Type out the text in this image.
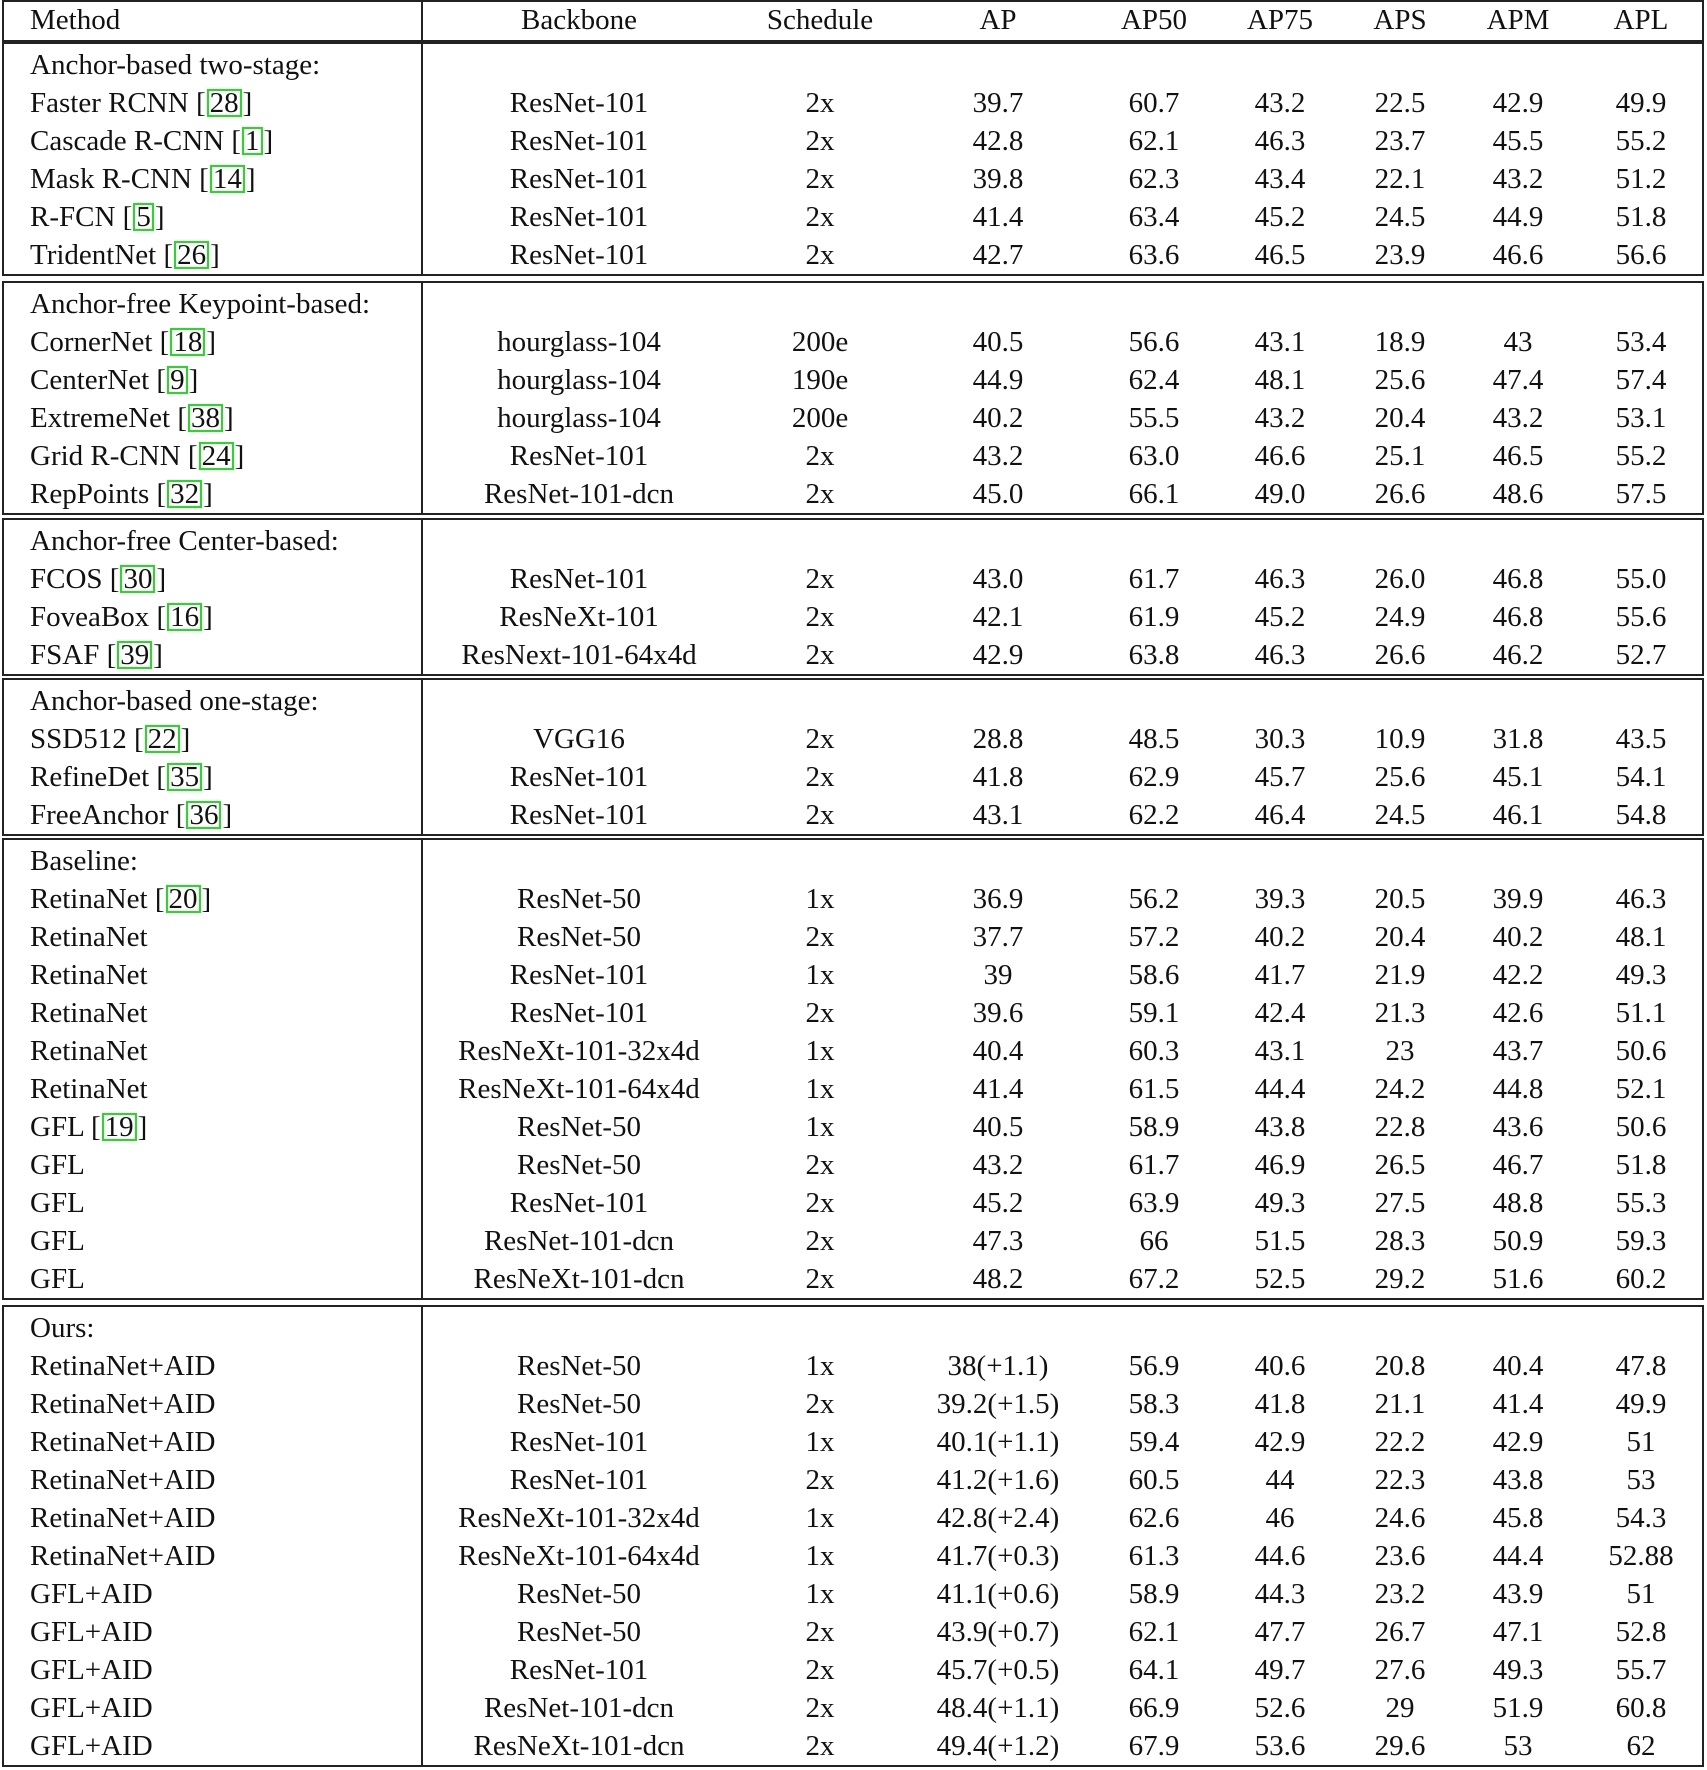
Method	Backbone	Schedule	AP	AP50	AP75	APS	APM	APL
Anchor-based two-stage:
Faster RCNN [ 28 ]	ResNet-101	2x	39.7	60.7	43.2	22.5	42.9	49.9
Cascade R-CNN [ 1 ]	ResNet-101	2x	42.8	62.1	46.3	23.7	45.5	55.2
Mask R-CNN [ 14 ]	ResNet-101	2x	39.8	62.3	43.4	22.1	43.2	51.2
R-FCN [ 5 ]	ResNet-101	2x	41.4	63.4	45.2	24.5	44.9	51.8
TridentNet [ 26 ]	ResNet-101	2x	42.7	63.6	46.5	23.9	46.6	56.6
Anchor-free Keypoint-based:
CornerNet [ 18 ]	hourglass-104	200e	40.5	56.6	43.1	18.9	43	53.4
CenterNet [ 9 ]	hourglass-104	190e	44.9	62.4	48.1	25.6	47.4	57.4
ExtremeNet [ 38 ]	hourglass-104	200e	40.2	55.5	43.2	20.4	43.2	53.1
Grid R-CNN [ 24 ]	ResNet-101	2x	43.2	63.0	46.6	25.1	46.5	55.2
RepPoints [ 32 ]	ResNet-101-dcn	2x	45.0	66.1	49.0	26.6	48.6	57.5
Anchor-free Center-based:
FCOS [ 30 ]	ResNet-101	2x	43.0	61.7	46.3	26.0	46.8	55.0
FoveaBox [ 16 ]	ResNeXt-101	2x	42.1	61.9	45.2	24.9	46.8	55.6
FSAF [ 39 ]	ResNext-101-64x4d	2x	42.9	63.8	46.3	26.6	46.2	52.7
Anchor-based one-stage:
SSD512 [ 22 ]	VGG16	2x	28.8	48.5	30.3	10.9	31.8	43.5
RefineDet [ 35 ]	ResNet-101	2x	41.8	62.9	45.7	25.6	45.1	54.1
FreeAnchor [ 36 ]	ResNet-101	2x	43.1	62.2	46.4	24.5	46.1	54.8
Baseline:
RetinaNet [ 20 ]	ResNet-50	1x	36.9	56.2	39.3	20.5	39.9	46.3
RetinaNet	ResNet-50	2x	37.7	57.2	40.2	20.4	40.2	48.1
RetinaNet	ResNet-101	1x	39	58.6	41.7	21.9	42.2	49.3
RetinaNet	ResNet-101	2x	39.6	59.1	42.4	21.3	42.6	51.1
RetinaNet	ResNeXt-101-32x4d	1x	40.4	60.3	43.1	23	43.7	50.6
RetinaNet	ResNeXt-101-64x4d	1x	41.4	61.5	44.4	24.2	44.8	52.1
GFL [ 19 ]	ResNet-50	1x	40.5	58.9	43.8	22.8	43.6	50.6
GFL	ResNet-50	2x	43.2	61.7	46.9	26.5	46.7	51.8
GFL	ResNet-101	2x	45.2	63.9	49.3	27.5	48.8	55.3
GFL	ResNet-101-dcn	2x	47.3	66	51.5	28.3	50.9	59.3
GFL	ResNeXt-101-dcn	2x	48.2	67.2	52.5	29.2	51.6	60.2
Ours:
RetinaNet+AID	ResNet-50	1x	38(+1.1)	56.9	40.6	20.8	40.4	47.8
RetinaNet+AID	ResNet-50	2x	39.2(+1.5)	58.3	41.8	21.1	41.4	49.9
RetinaNet+AID	ResNet-101	1x	40.1(+1.1)	59.4	42.9	22.2	42.9	51
RetinaNet+AID	ResNet-101	2x	41.2(+1.6)	60.5	44	22.3	43.8	53
RetinaNet+AID	ResNeXt-101-32x4d	1x	42.8(+2.4)	62.6	46	24.6	45.8	54.3
RetinaNet+AID	ResNeXt-101-64x4d	1x	41.7(+0.3)	61.3	44.6	23.6	44.4	52.88
GFL+AID	ResNet-50	1x	41.1(+0.6)	58.9	44.3	23.2	43.9	51
GFL+AID	ResNet-50	2x	43.9(+0.7)	62.1	47.7	26.7	47.1	52.8
GFL+AID	ResNet-101	2x	45.7(+0.5)	64.1	49.7	27.6	49.3	55.7
GFL+AID	ResNet-101-dcn	2x	48.4(+1.1)	66.9	52.6	29	51.9	60.8
GFL+AID	ResNeXt-101-dcn	2x	49.4(+1.2)	67.9	53.6	29.6	53	62
